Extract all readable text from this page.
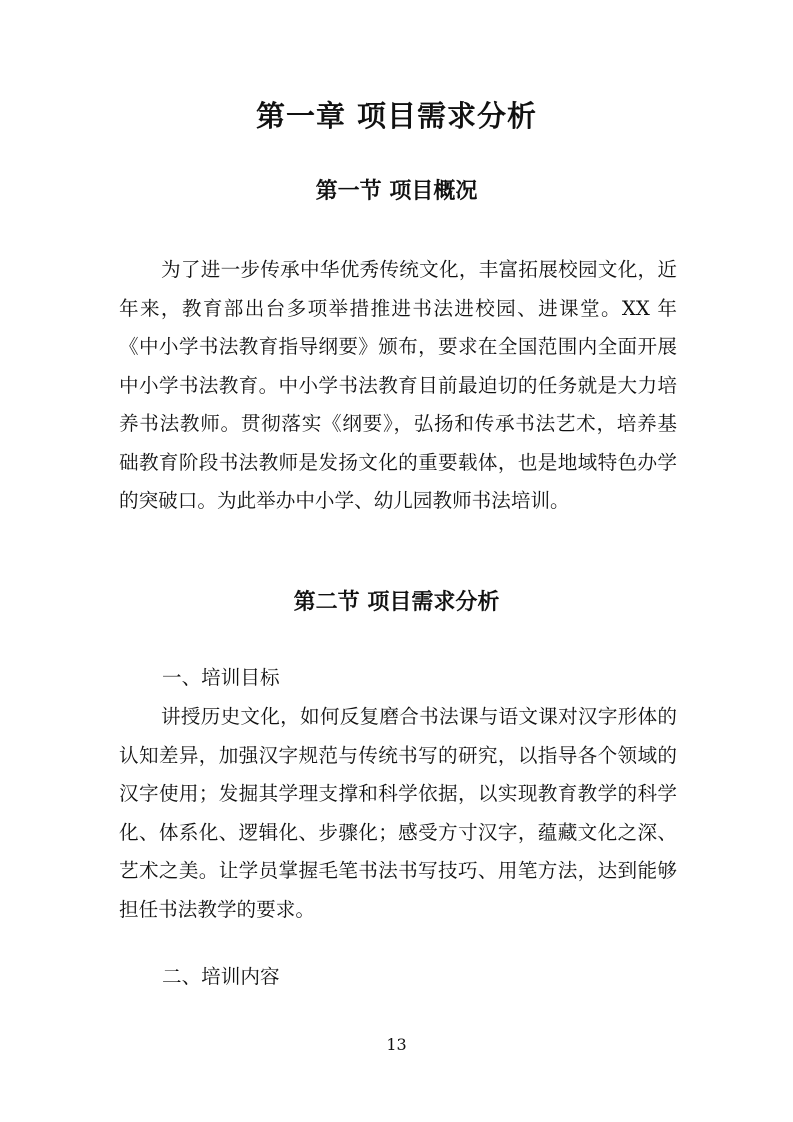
第一章 项目需求分析
第一节 项目概况

为了进一步传承中华优秀传统文化，丰富拓展校园文化，近年来，教育部出台多项举措推进书法进校园、进课堂。XX 年《中小学书法教育指导纲要》颁布，要求在全国范围内全面开展中小学书法教育。中小学书法教育目前最迫切的任务就是大力培养书法教师。贯彻落实《纲要》，弘扬和传承书法艺术，培养基础教育阶段书法教师是发扬文化的重要载体，也是地域特色办学的突破口。为此举办中小学、幼儿园教师书法培训。

第二节 项目需求分析

一、培训目标

讲授历史文化，如何反复磨合书法课与语文课对汉字形体的认知差异，加强汉字规范与传统书写的研究，以指导各个领域的汉字使用；发掘其学理支撑和科学依据，以实现教育教学的科学化、体系化、逻辑化、步骤化；感受方寸汉字，蕴藏文化之深、艺术之美。让学员掌握毛笔书法书写技巧、用笔方法，达到能够担任书法教学的要求。

二、培训内容

13
